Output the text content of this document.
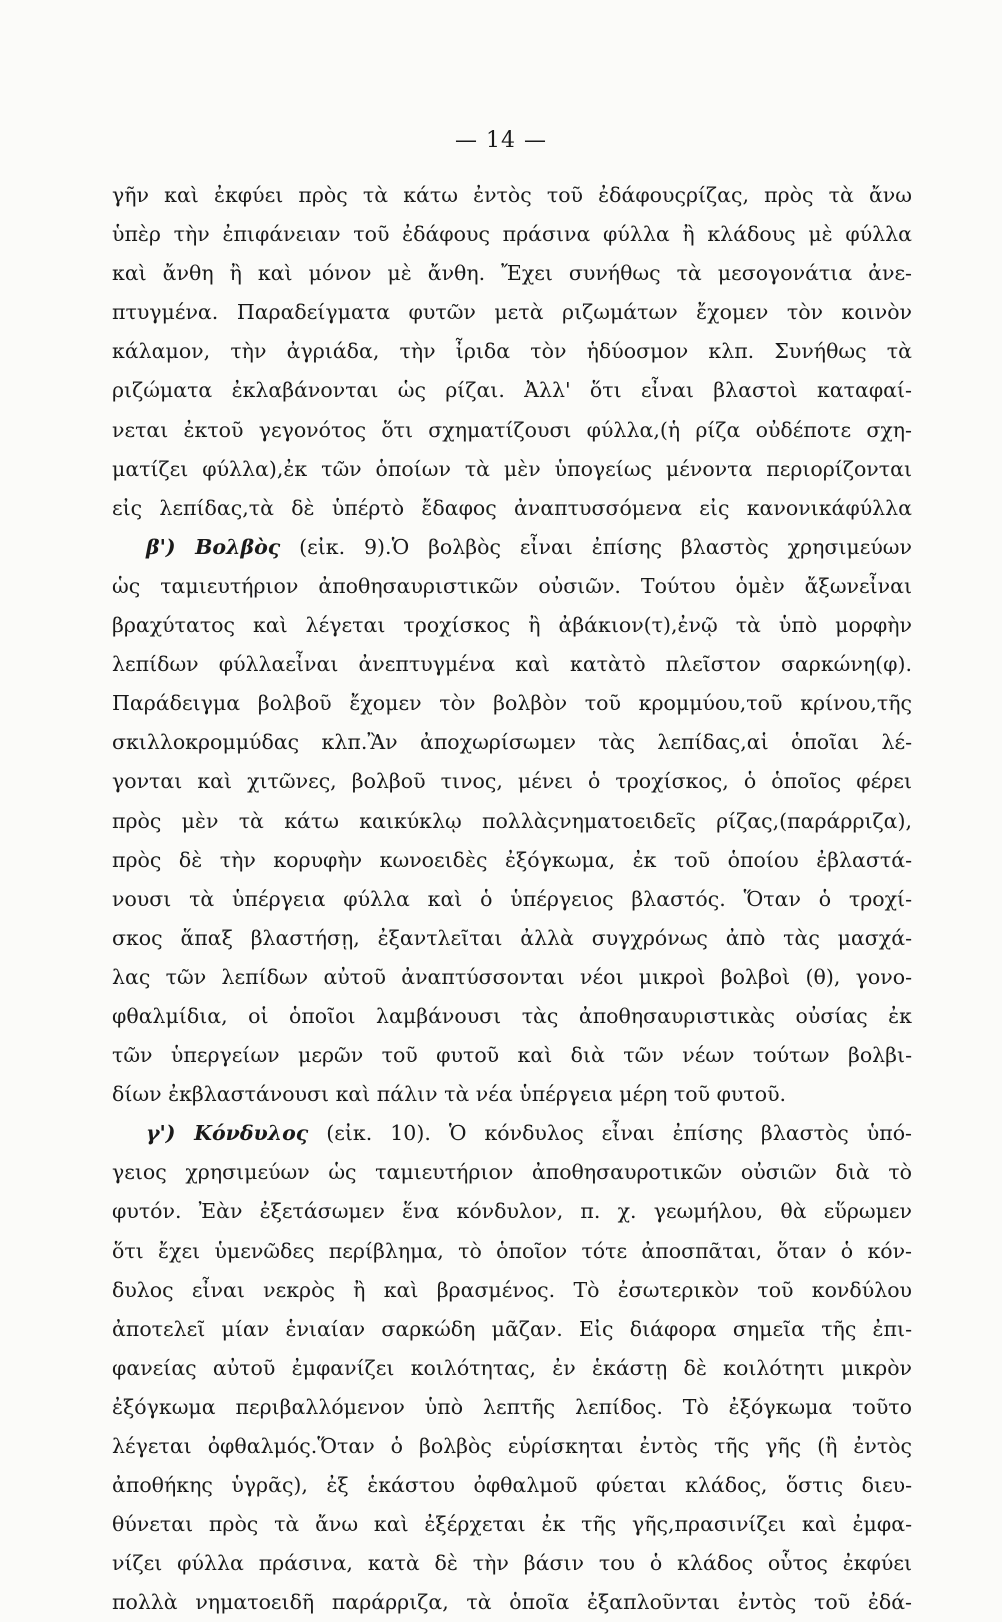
— 14 —
γῆν καὶ ἐκφύει πρὸς τὰ κάτω ἐντὸς τοῦ ἐδάφουςρίζας, πρὸς τὰ ἄνω
ὑπὲρ τὴν ἐπιφάνειαν τοῦ ἐδάφους πράσινα φύλλα ἢ κλάδους μὲ φύλλα
καὶ ἄνθη ἢ καὶ μόνον μὲ ἄνθη. Ἔχει συνήθως τὰ μεσογονάτια ἀνε-
πτυγμένα. Παραδείγματα φυτῶν μετὰ ριζωμάτων ἔχομεν τὸν κοινὸν
κάλαμον, τὴν ἀγριάδα, τὴν ἶριδα τὸν ἡδύοσμον κλπ. Συνήθως τὰ
ριζώματα ἐκλαβάνονται ὡς ρίζαι. Ἀλλ' ὅτι εἶναι βλαστοὶ καταφαί-
νεται ἐκτοῦ γεγονότος ὅτι σχηματίζουσι φύλλα,(ἡ ρίζα οὐδέποτε σχη-
ματίζει φύλλα),ἐκ τῶν ὁποίων τὰ μὲν ὑπογείως μένοντα περιορίζονται
εἰς λεπίδας,τὰ δὲ ὑπέρτὸ ἔδαφος ἀναπτυσσόμενα εἰς κανονικάφύλλα
β') Βολβὸς (εἰκ. 9).Ὁ βολβὸς εἶναι ἐπίσης βλαστὸς χρησιμεύων
ὡς ταμιευτήριον ἀποθησαυριστικῶν οὐσιῶν. Τούτου ὁμὲν ἄξωνεἶναι
βραχύτατος καὶ λέγεται τροχίσκος ἢ ἀβάκιον(τ),ἐνῷ τὰ ὑπὸ μορφὴν
λεπίδων φύλλαεἶναι ἀνεπτυγμένα καὶ κατὰτὸ πλεῖστον σαρκώνη(φ).
Παράδειγμα βολβοῦ ἔχομεν τὸν βολβὸν τοῦ κρομμύου,τοῦ κρίνου,τῆς
σκιλλοκρομμύδας κλπ.Ἂν ἀποχωρίσωμεν τὰς λεπίδας,αἱ ὁποῖαι λέ-
γονται καὶ χιτῶνες, βολβοῦ τινος, μένει ὁ τροχίσκος, ὁ ὁποῖος φέρει
πρὸς μὲν τὰ κάτω καικύκλῳ πολλὰςνηματοειδεῖς ρίζας,(παράρριζα),
πρὸς δὲ τὴν κορυφὴν κωνοειδὲς ἐξόγκωμα, ἐκ τοῦ ὁποίου ἐβλαστά-
νουσι τὰ ὑπέργεια φύλλα καὶ ὁ ὑπέργειος βλαστός. Ὅταν ὁ τροχί-
σκος ἅπαξ βλαστήσῃ, ἐξαντλεῖται ἀλλὰ συγχρόνως ἀπὸ τὰς μασχά-
λας τῶν λεπίδων αὐτοῦ ἀναπτύσσονται νέοι μικροὶ βολβοὶ (θ), γονο-
φθαλμίδια, οἱ ὁποῖοι λαμβάνουσι τὰς ἀποθησαυριστικὰς οὐσίας ἐκ
τῶν ὑπεργείων μερῶν τοῦ φυτοῦ καὶ διὰ τῶν νέων τούτων βολβι-
δίων ἐκβλαστάνουσι καὶ πάλιν τὰ νέα ὑπέργεια μέρη τοῦ φυτοῦ.
γ') Κόνδυλος (εἰκ. 10). Ὁ κόνδυλος εἶναι ἐπίσης βλαστὸς ὑπό-
γειος χρησιμεύων ὡς ταμιευτήριον ἀποθησαυροτικῶν οὐσιῶν διὰ τὸ
φυτόν. Ἐὰν ἐξετάσωμεν ἕνα κόνδυλον, π. χ. γεωμήλου, θὰ εὕρωμεν
ὅτι ἔχει ὑμενῶδες περίβλημα, τὸ ὁποῖον τότε ἀποσπᾶται, ὅταν ὁ κόν-
δυλος εἶναι νεκρὸς ἢ καὶ βρασμένος. Τὸ ἐσωτερικὸν τοῦ κονδύλου
ἀποτελεῖ μίαν ἑνιαίαν σαρκώδη μᾶζαν. Εἰς διάφορα σημεῖα τῆς ἐπι-
φανείας αὐτοῦ ἐμφανίζει κοιλότητας, ἐν ἑκάστῃ δὲ κοιλότητι μικρὸν
ἐξόγκωμα περιβαλλόμενον ὑπὸ λεπτῆς λεπίδος. Τὸ ἐξόγκωμα τοῦτο
λέγεται ὀφθαλμός.Ὅταν ὁ βολβὸς εὑρίσκηται ἐντὸς τῆς γῆς (ἢ ἐντὸς
ἀποθήκης ὑγρᾶς), ἐξ ἑκάστου ὀφθαλμοῦ φύεται κλάδος, ὅστις διευ-
θύνεται πρὸς τὰ ἄνω καὶ ἐξέρχεται ἐκ τῆς γῆς,πρασινίζει καὶ ἐμφα-
νίζει φύλλα πράσινα, κατὰ δὲ τὴν βάσιν του ὁ κλάδος οὗτος ἐκφύει
πολλὰ νηματοειδῆ παράρριζα, τὰ ὁποῖα ἐξαπλοῦνται ἐντὸς τοῦ ἐδά-
